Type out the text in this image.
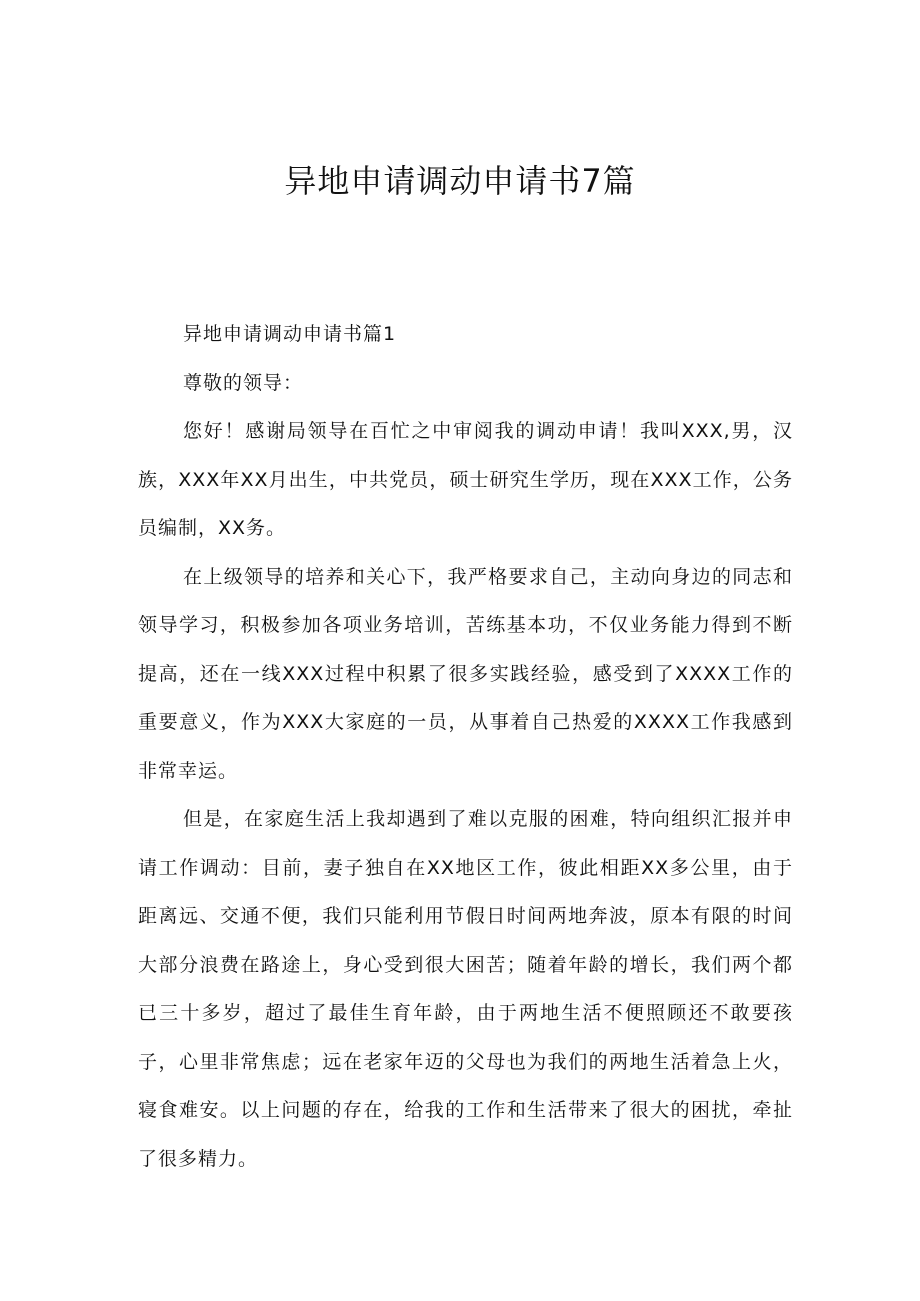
异地申请调动申请书7篇

异地申请调动申请书篇1

尊敬的领导：

您好！感谢局领导在百忙之中审阅我的调动申请！我叫XXX,男，汉族，XXX年XX月出生，中共党员，硕士研究生学历，现在XXX工作，公务员编制，XX务。

在上级领导的培养和关心下，我严格要求自己，主动向身边的同志和领导学习，积极参加各项业务培训，苦练基本功，不仅业务能力得到不断提高，还在一线XXX过程中积累了很多实践经验，感受到了XXXX工作的重要意义，作为XXX大家庭的一员，从事着自己热爱的XXXX工作我感到非常幸运。

但是，在家庭生活上我却遇到了难以克服的困难，特向组织汇报并申请工作调动：目前，妻子独自在XX地区工作，彼此相距XX多公里，由于距离远、交通不便，我们只能利用节假日时间两地奔波，原本有限的时间大部分浪费在路途上，身心受到很大困苦；随着年龄的增长，我们两个都已三十多岁，超过了最佳生育年龄，由于两地生活不便照顾还不敢要孩子，心里非常焦虑；远在老家年迈的父母也为我们的两地生活着急上火，寝食难安。以上问题的存在，给我的工作和生活带来了很大的困扰，牵扯了很多精力。
